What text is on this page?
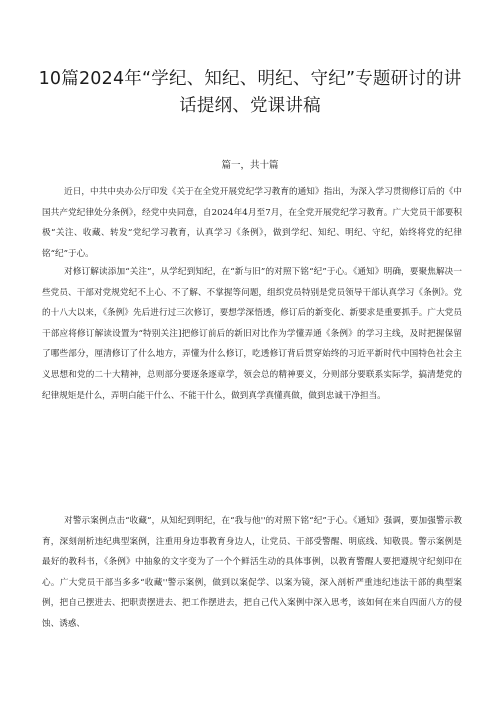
10篇2024年“学纪、知纪、明纪、守纪”专题研讨的讲话提纲、党课讲稿
篇一，共十篇

近日，中共中央办公厅印发《关于在全党开展党纪学习教育的通知》指出，为深入学习贯彻修订后的《中国共产党纪律处分条例》，经党中央同意，自2024年4月至7月，在全党开展党纪学习教育。广大党员干部要积极“关注、收藏、转发”党纪学习教育，认真学习《条例》，做到学纪、知纪、明纪、守纪，始终将党的纪律铭“纪”于心。

对修订解读添加“关注”，从学纪到知纪，在“新与旧”的对照下铭“纪”于心。《通知》明确，要聚焦解决一些党员、干部对党规党纪不上心、不了解、不掌握等问题，组织党员特别是党员领导干部认真学习《条例》。党的十八大以来，《条例》先后进行过三次修订，要想学深悟透，修订后的新变化、新要求是重要抓手。广大党员干部应将修订解读设置为“特别关注]把修订前后的新旧对比作为学懂弄通《条例》的学习主线，及时把握保留了哪些部分，厘清修订了什么地方，弄懂为什么修订，吃透修订背后贯穿始终的习近平新时代中国特色社会主义思想和党的二十大精神，总则部分要逐条逐章学，领会总的精神要义，分则部分要联系实际学，搞清楚党的纪律规矩是什么，弄明白能干什么、不能干什么，做到真学真懂真做，做到忠诚干净担当。

对警示案例点击“收藏”，从知纪到明纪，在“我与他''的对照下铭“纪”于心。《通知》强调，要加强警示教育，深刻剖析违纪典型案例，注重用身边事教育身边人，让党员、干部受警醒、明底线、知敬畏。警示案例是最好的教科书，《条例》中抽象的文字变为了一个个鲜活生动的具体事例，以教育警醒人要把遵规守纪刻印在心。广大党员干部当多多“收藏''警示案例，做到以案促学、以案为镜，深入剖析严重违纪违法干部的典型案例，把自己摆进去、把职责摆进去、把工作摆进去，把自己代入案例中深入思考，该如何在来自四面八方的侵蚀、诱惑、
